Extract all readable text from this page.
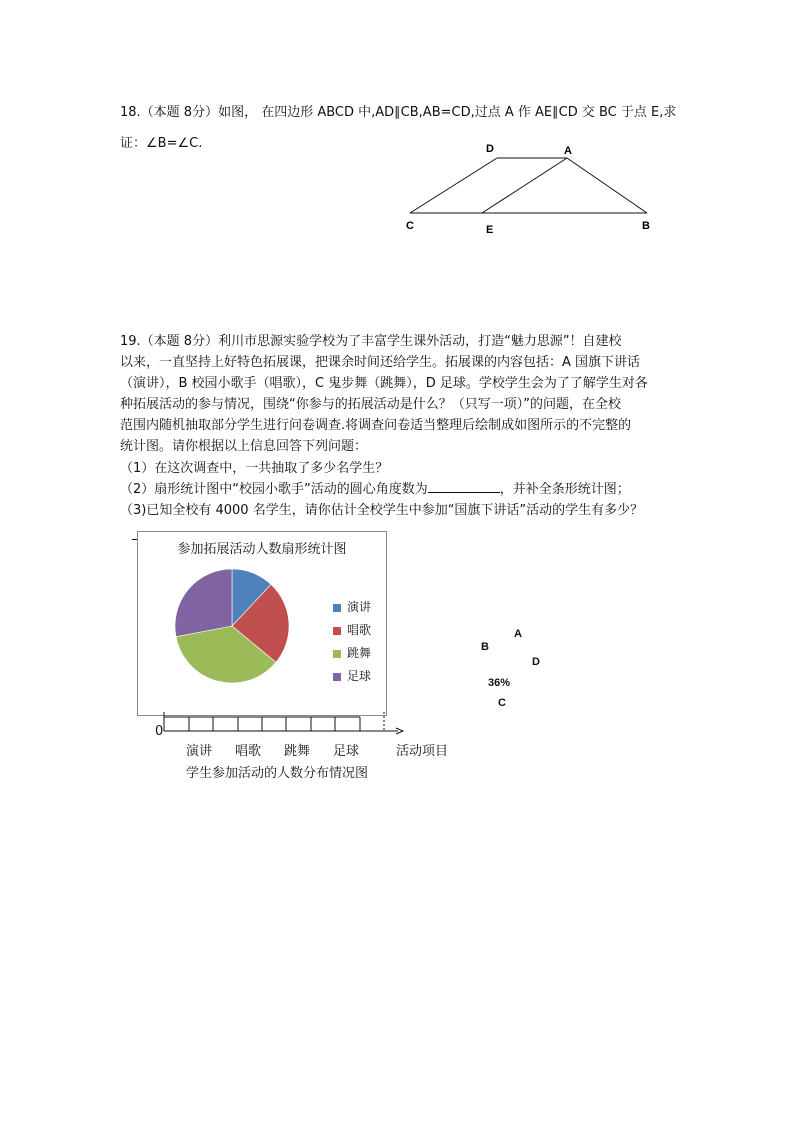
18.（本题 8分）如图， 在四边形 ABCD 中,AD∥CB,AB=CD,过点 A 作 AE∥CD 交 BC 于点 E,求
证：∠B=∠C.	D	A
C	E	B
19.（本题 8分）利川市思源实验学校为了丰富学生课外活动，打造“魅力思源”！自建校
以来，一直坚持上好特色拓展课，把课余时间还给学生。拓展课的内容包括：A 国旗下讲话
（演讲），B 校园小歌手（唱歌），C 鬼步舞（跳舞），D 足球。学校学生会为了了解学生对各
种拓展活动的参与情况，围绕“你参与的拓展活动是什么？（只写一项）”的问题，在全校
范围内随机抽取部分学生进行问卷调查.将调查问卷适当整理后绘制成如图所示的不完整的
统计图。请你根据以上信息回答下列问题：
（1）在这次调查中，一共抽取了多少名学生？
（2）扇形统计图中“校园小歌手”活动的圆心角度数为	，并补全条形统计图；
（3)已知全校有 4000 名学生，请你估计全校学生中参加“国旗下讲话”活动的学生有多少？
参加拓展活动人数扇形统计图
演讲
唱歌
跳舞
足球
A
B
D
36%
C
0
演讲 唱歌 跳舞 足球	活动项目
学生参加活动的人数分布情况图
